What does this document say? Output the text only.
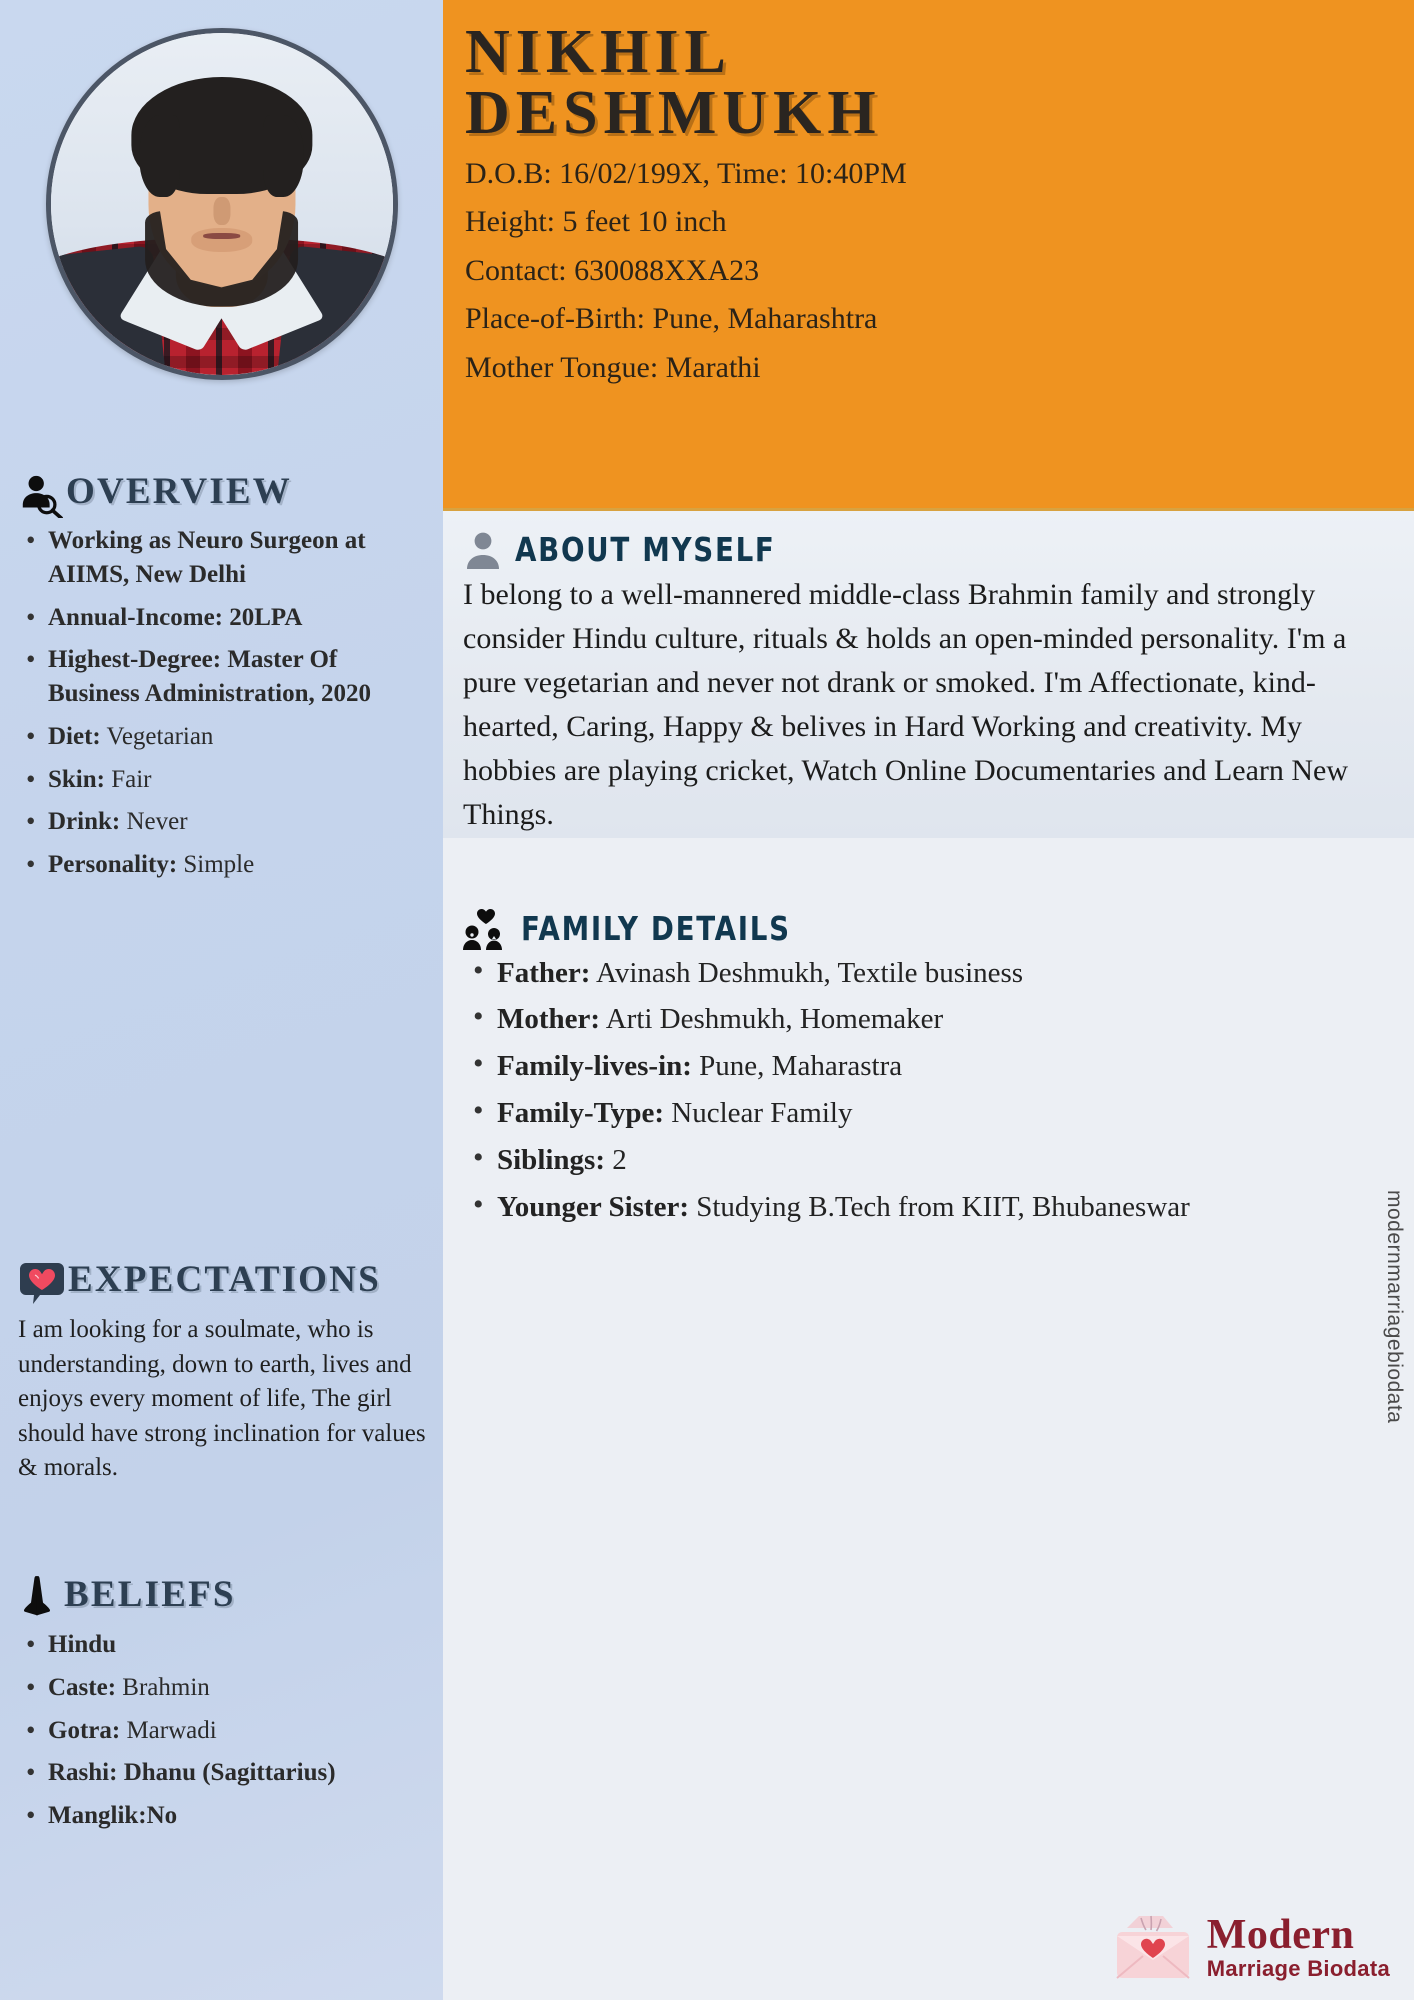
OVERVIEW
• Working as Neuro Surgeon at AIIMS, New Delhi
• Annual-Income: 20LPA
• Highest-Degree: Master Of Business Administration, 2020
• Diet: Vegetarian
• Skin: Fair
• Drink: Never
• Personality: Simple
EXPECTATIONS
I am looking for a soulmate, who is understanding, down to earth, lives and enjoys every moment of life, The girl should have strong inclination for values & morals.
BELIEFS
• Hindu
• Caste: Brahmin
• Gotra: Marwadi
• Rashi: Dhanu (Sagittarius)
• Manglik:No
NIKHIL
DESHMUKH
D.O.B: 16/02/199X, Time: 10:40PM
Height: 5 feet 10 inch
Contact: 630088XXA23
Place-of-Birth: Pune, Maharashtra
Mother Tongue: Marathi
ABOUT MYSELF
I belong to a well-mannered middle-class Brahmin family and strongly consider Hindu culture, rituals & holds an open-minded personality. I'm a pure vegetarian and never not drank or smoked. I'm Affectionate, kind-hearted, Caring, Happy & belives in Hard Working and creativity. My hobbies are playing cricket, Watch Online Documentaries and Learn New Things.
FAMILY DETAILS
• Father: Avinash Deshmukh, Textile business
• Mother: Arti Deshmukh, Homemaker
• Family-lives-in: Pune, Maharastra
• Family-Type: Nuclear Family
• Siblings: 2
• Younger Sister: Studying B.Tech from KIIT, Bhubaneswar	modernmarriagebiodata
Modern
Marriage Biodata
